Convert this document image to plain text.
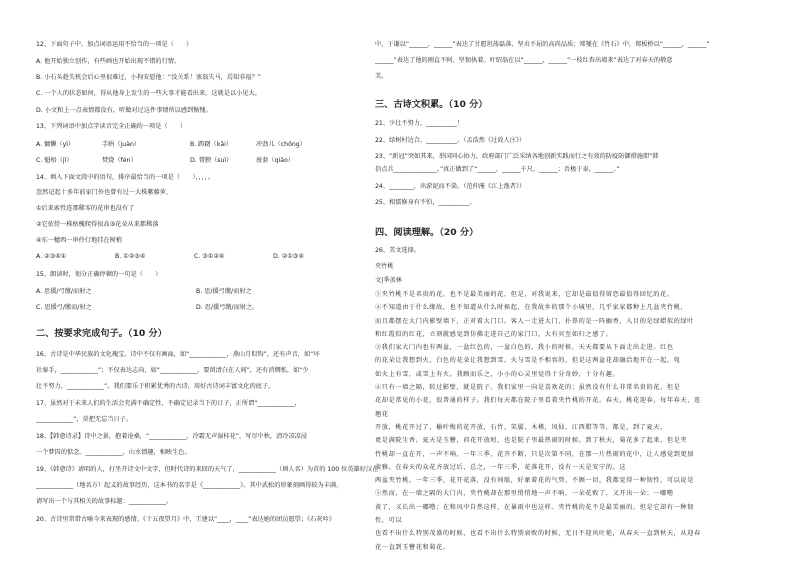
12、下面句子中，加点词语运用不恰当的一项是（　　）
A. 他开始独立创作，有些画也开始出现不错的行情。
B. 小石头趁失机会后心里很难过，小狗安慰他：“没关系！塞翁失马，焉知非福？”
C. 一个人的状态如何，得从他身上发生的一些大事才能看出来，这就是以小见大。
D. 小文和上一点表情都没有，听做对过这件事情所以感到惭愧。
13、下列词语中加点字读音完全正确的一项是（　　）
A. 慵懒（yì）	手绢（juàn）	B. 踌躇（kāi）	冲劲儿（chōng）
C. 魁梧（jì）	焚烧（fén）	D. 膏腴（suì）	废套（qiāo）
14、填入下面文段中的语句，排序最恰当的一项是（　　），，，，。
忽然记起十多年前家门外也曾有过一大株紫藤萝，
①后来索性连那稀零的花串也没有了
②它依傍一株枯槐爬得很高③花朵从来都稀落
④东一穗西一串伶仃地挂在树梢
A. ②③④①	B. ①②③④	C. ③①②④	D. ②①③④
15、朗读时，划分正确停顿的一句是（　　）
A. 思援/弓缴/而射之	B. 思/援弓缴/而射之
C. 思援弓/缴而/射之	D. 思/援弓缴/而射之。
二、按要求完成句子。（10 分）
16、古诗是中华民族的文化瑰宝。诗中不仅有画面，如“____________，燕山月似钩”，还有声音，如“坏
社秦手，____________”；不仅表达志向，如“____________，要留清白在人间”，还有消惆怅，如“少
壮不努力，____________”。我们要乐于积累优秀的古诗，用好古诗词丰富文化的底子。
17、虽然对于未来人们的生活会充满不确定性，不确定记录当下的日子，正所谓“____________，
____________”，莫把无忘当日子。
18、【韩愈诗录】诗中之景，抱着沧桑，“____________，冷霜无声湿桂花”，写尽中秋，清冷凉凉浸
一个梦囚的惦念。____________，山水情趣，相映生色。
19、《韩愈诗》请唱的人，打坐开诗文中文字，但时代诗的来回的天气了，____________（填人名）为首的 100 位英雄好汉在
____________（地名方）起义的故事经历，这本书的名字是《____________》。其中武松的形象刻画得较为丰满，
请写出一个与其相关的故事标题：____________。
20、古诗里常借古喻今来表现的感情。《十五夜望月》中，王建以“____，____”表达她的团员愿望；《石灰吟》
中，于谦以“______，______”表达了甘愿坦荡磊落、坚贞不屈的高尚品质；郑燮在《竹石》中，郑板桥以“______，______”
______”表达了他的刚直不阿、坚韧执着。叶绍翁在以“______，______”一枝红杏出墙来”表达了对春天的敬意
美。
三、古诗文积累。（10 分）
21、少壮不努力，__________！
22、绿树村边合，__________。（孟浩然《过故人庄》）
23、“新冠”突如其来，举国同心协力，政府部门广泛采纳各地创新实践而行之有效的防疫防御措施即“韩
信点兵______________。”真正做到了“______，______千尺，______；否极于泰，______。”
24、________，出淤泥而不染。（范仲淹《江上渔者》）
25、相儒修身有不怕，__________。
四、阅读理解。（20 分）
26、美文选择。
夹竹桃
文|季羡林

①夹竹桃不是名贵的花，也不是最美丽的花，但是，对我说来，它却是最值得留恋最值得回忆的花。

②不知道由于什么缘故，也不知道从什么时候起，在我故乡的那个小城里，几乎家家都种上几盆夹竹桃，

而且都摆在大门内影壁墙下，正对着大门口。客人一走进大门，扑鼻的是一阵幽香，入目的是绿蜡似的绿叶

和红霞似的红花，立刻就感觉到仿佛走进自己的家门口，大有宾至如归之感了。

③我们家大门内也有两盆，一盆红色的，一盆白色的，我小的时候，天天都要从下面走出走进。红色

的花朵让我想到火，白色的花朵让我想到雪。火与雪是不相容的，但是这两盆花却融洽地开在一起，宛

如火上有雪，或雪上有火。我顾而乐之，小小的心灵里觉得十分奇妙，十分有趣。

④只有一墙之隔，转过影壁，就是院子。我们家里一向是喜欢花的；虽然没有什么非常名贵的花，但是

花却是常见的小花，很普通的样子。我们每天都在院子里看着夹竹桃的开花。春天，桃花迎春，每年春天，连翘花

开放，桃花开过了，榆叶梅的花开放，石竹，笑靥，木槿，凤仙，江西腊等等，都是，到了夏天，

更是满院生香。夏天是玉簪，荷花开放时，也是院子里最热闹的时候。到了秋天，菊花多了起来，但是夹

竹桃却一直在开，一声不响，一年三季，花开不断，只是次第不同，在那一片热闹的花中，让人感觉到更加

淡雅。在春天的众花齐放过后，总之，一年三季，花落花开，没有一天是安宁的。这

两盆夹竹桃，一年三季，花开花落，没有间歇，好象着花的气势，不顾一切，我都觉得一种韧性，可以说是

⑤然而，在一墙之隔的大门内，夹竹桃却在那里悄悄地一声不响，一朵花败了，又开出一朵；一嘟噜

黄了，又长出一嘟噜；在和风中自然这样，在暴雨中也这样。夹竹桃的花不是最美丽的，但是它却有一种韧性，可以

也看不出什么特别茂盛的时候，也看不出什么特别衰败的时候，无日不迎风吐艳，从春天一直到秋天，从迎春花一直到玉簪花和菊花，
